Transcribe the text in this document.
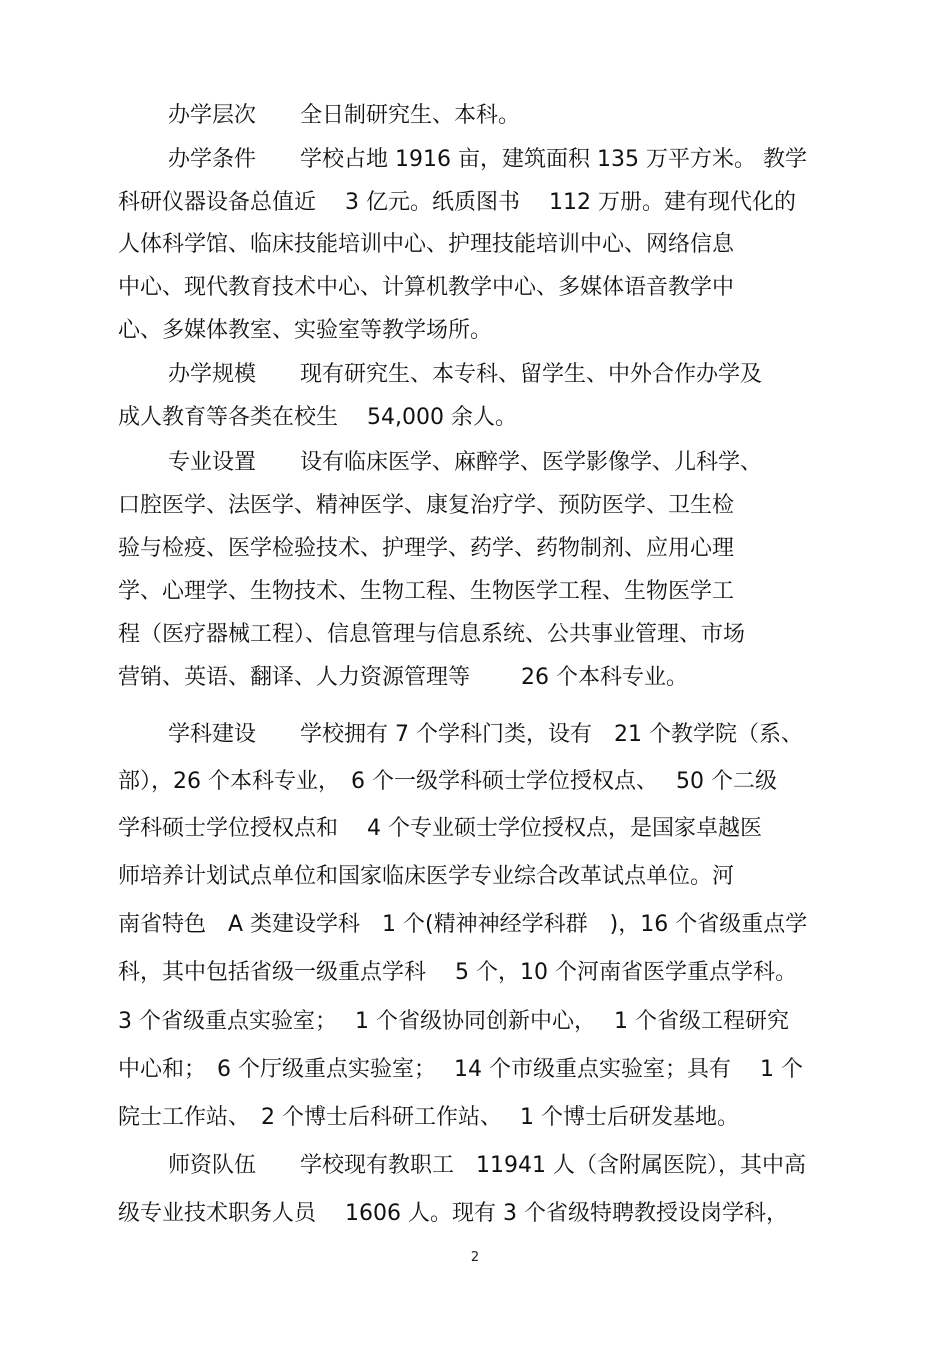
办学层次　　全日制研究生、本科。
办学条件　　学校占地 1916 亩，建筑面积 135 万平方米。 教学
科研仪器设备总值近　 3 亿元。纸质图书　 112 万册。建有现代化的
人体科学馆、临床技能培训中心、护理技能培训中心、网络信息
中心、现代教育技术中心、计算机教学中心、多媒体语音教学中
心、多媒体教室、实验室等教学场所。
办学规模　　现有研究生、本专科、留学生、中外合作办学及
成人教育等各类在校生　 54,000 余人。
专业设置　　设有临床医学、麻醉学、医学影像学、儿科学、
口腔医学、法医学、精神医学、康复治疗学、预防医学、卫生检
验与检疫、医学检验技术、护理学、药学、药物制剂、应用心理
学、心理学、生物技术、生物工程、生物医学工程、生物医学工
程（医疗器械工程）、信息管理与信息系统、公共事业管理、市场
营销、英语、翻译、人力资源管理等　　 26 个本科专业。
学科建设　　学校拥有 7 个学科门类，设有　21 个教学院（系、
部），26 个本科专业，　6 个一级学科硕士学位授权点、　 50 个二级
学科硕士学位授权点和　 4 个专业硕士学位授权点，是国家卓越医
师培养计划试点单位和国家临床医学专业综合改革试点单位。河
南省特色　A 类建设学科　1 个(精神神经学科群　)，16 个省级重点学
科，其中包括省级一级重点学科　 5 个，10 个河南省医学重点学科。
3 个省级重点实验室；　 1 个省级协同创新中心，　 1 个省级工程研究
中心和；　6 个厅级重点实验室；　 14 个市级重点实验室；具有　 1 个
院士工作站、　2 个博士后科研工作站、　 1 个博士后研发基地。
师资队伍　　学校现有教职工　11941 人（含附属医院），其中高
级专业技术职务人员　 1606 人。现有 3 个省级特聘教授设岗学科，
2
